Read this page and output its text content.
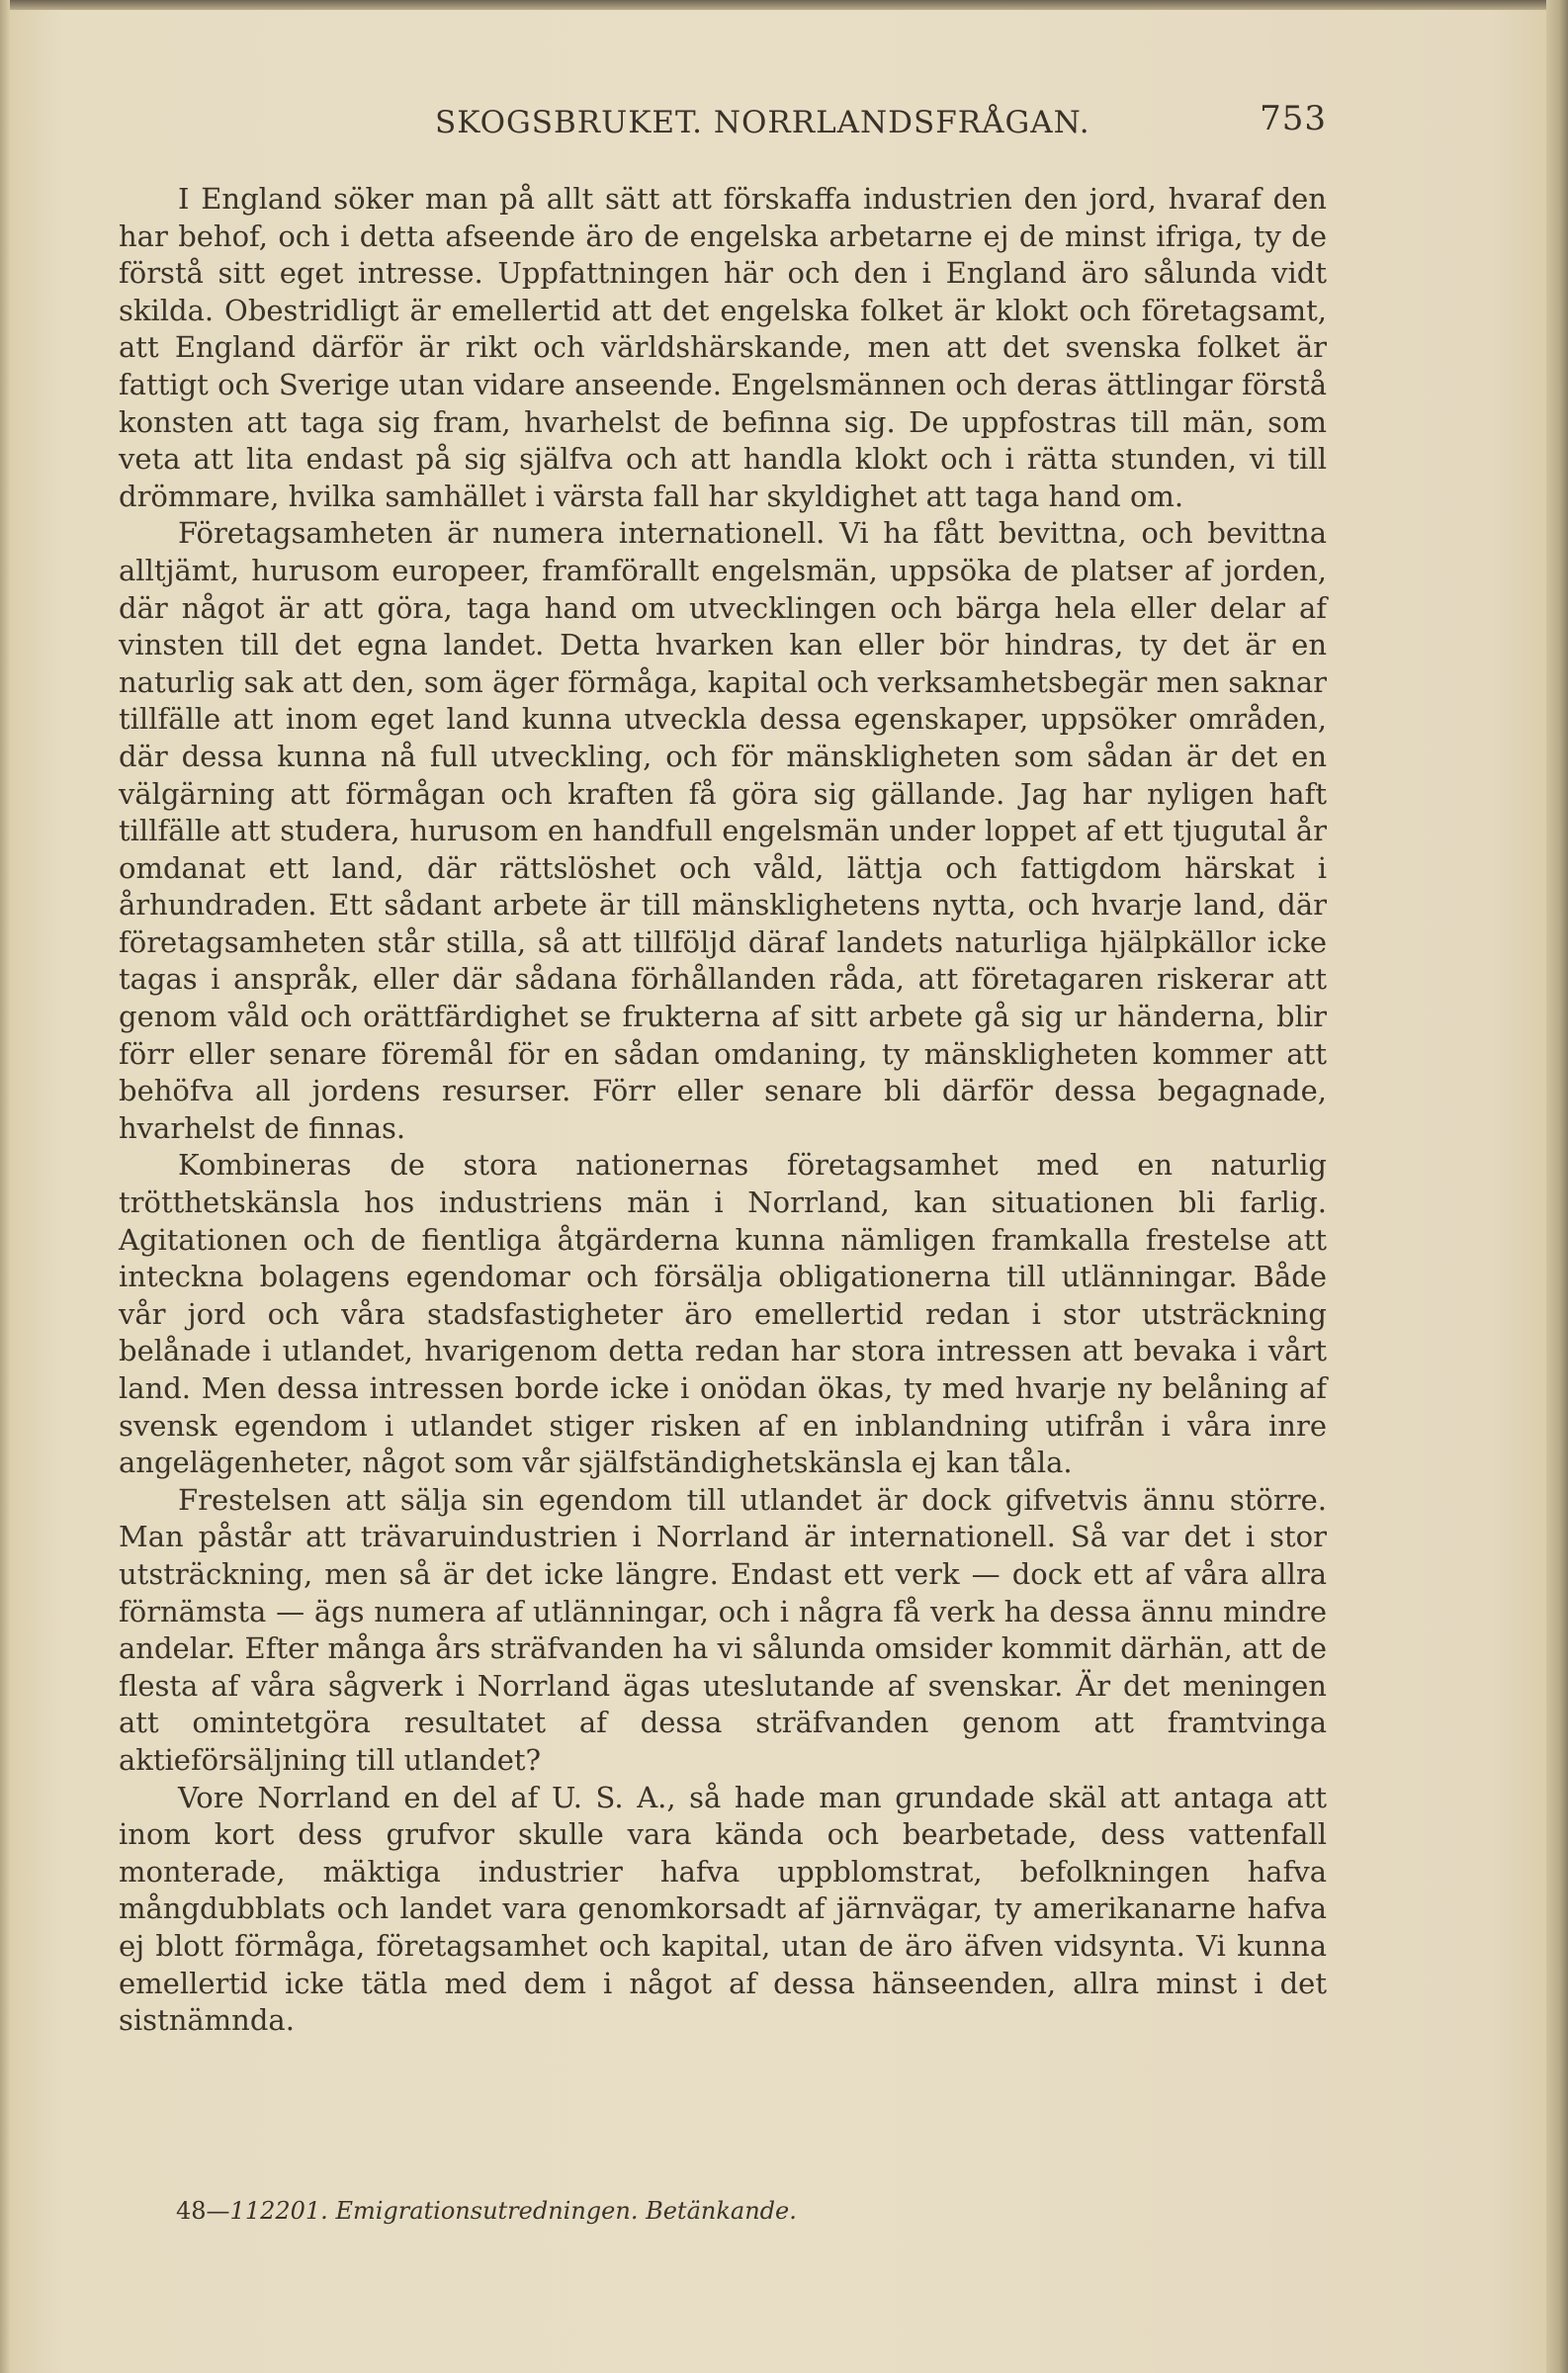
SKOGSBRUKET. NORRLANDSFRÅGAN.	753

I England söker man på allt sätt att förskaffa industrien den jord, hvaraf den har behof, och i detta afseende äro de engelska arbetarne ej de minst ifriga, ty de förstå sitt eget intresse. Uppfattningen här och den i England äro sålunda vidt skilda. Obestridligt är emellertid att det engelska folket är klokt och företagsamt, att England därför är rikt och världshärskande, men att det svenska folket är fattigt och Sverige utan vidare anseende. Engelsmännen och deras ättlingar förstå konsten att taga sig fram, hvarhelst de befinna sig. De uppfostras till män, som veta att lita endast på sig själfva och att handla klokt och i rätta stunden, vi till drömmare, hvilka samhället i värsta fall har skyldighet att taga hand om.

Företagsamheten är numera internationell. Vi ha fått bevittna, och bevittna alltjämt, hurusom europeer, framförallt engelsmän, uppsöka de platser af jorden, där något är att göra, taga hand om utvecklingen och bärga hela eller delar af vinsten till det egna landet. Detta hvarken kan eller bör hindras, ty det är en naturlig sak att den, som äger förmåga, kapital och verksamhetsbegär men saknar tillfälle att inom eget land kunna utveckla dessa egenskaper, uppsöker områden, där dessa kunna nå full utveckling, och för mänskligheten som sådan är det en välgärning att förmågan och kraften få göra sig gällande. Jag har nyligen haft tillfälle att studera, hurusom en handfull engelsmän under loppet af ett tjugutal år omdanat ett land, där rättslöshet och våld, lättja och fattigdom härskat i århundraden. Ett sådant arbete är till mänsklighetens nytta, och hvarje land, där företagsamheten står stilla, så att tillföljd däraf landets naturliga hjälpkällor icke tagas i anspråk, eller där sådana förhållanden råda, att företagaren riskerar att genom våld och orättfärdighet se frukterna af sitt arbete gå sig ur händerna, blir förr eller senare föremål för en sådan omdaning, ty mänskligheten kommer att behöfva all jordens resurser. Förr eller senare bli därför dessa begagnade, hvarhelst de finnas.

Kombineras de stora nationernas företagsamhet med en naturlig trötthetskänsla hos industriens män i Norrland, kan situationen bli farlig. Agitationen och de fientliga åtgärderna kunna nämligen framkalla frestelse att inteckna bolagens egendomar och försälja obligationerna till utlänningar. Både vår jord och våra stadsfastigheter äro emellertid redan i stor utsträckning belånade i utlandet, hvarigenom detta redan har stora intressen att bevaka i vårt land. Men dessa intressen borde icke i onödan ökas, ty med hvarje ny belåning af svensk egendom i utlandet stiger risken af en inblandning utifrån i våra inre angelägenheter, något som vår själfständighetskänsla ej kan tåla.

Frestelsen att sälja sin egendom till utlandet är dock gifvetvis ännu större. Man påstår att trävaruindustrien i Norrland är internationell. Så var det i stor utsträckning, men så är det icke längre. Endast ett verk — dock ett af våra allra förnämsta — ägs numera af utlänningar, och i några få verk ha dessa ännu mindre andelar. Efter många års sträfvanden ha vi sålunda omsider kommit därhän, att de flesta af våra sågverk i Norrland ägas uteslutande af svenskar. Är det meningen att omintetgöra resultatet af dessa sträfvanden genom att framtvinga aktieförsäljning till utlandet?

Vore Norrland en del af U. S. A., så hade man grundade skäl att antaga att inom kort dess grufvor skulle vara kända och bearbetade, dess vattenfall monterade, mäktiga industrier hafva uppblomstrat, befolkningen hafva mångdubblats och landet vara genomkorsadt af järnvägar, ty amerikanarne hafva ej blott förmåga, företagsamhet och kapital, utan de äro äfven vidsynta. Vi kunna emellertid icke tätla med dem i något af dessa hänseenden, allra minst i det sistnämnda.

48—112201. Emigrationsutredningen. Betänkande.
